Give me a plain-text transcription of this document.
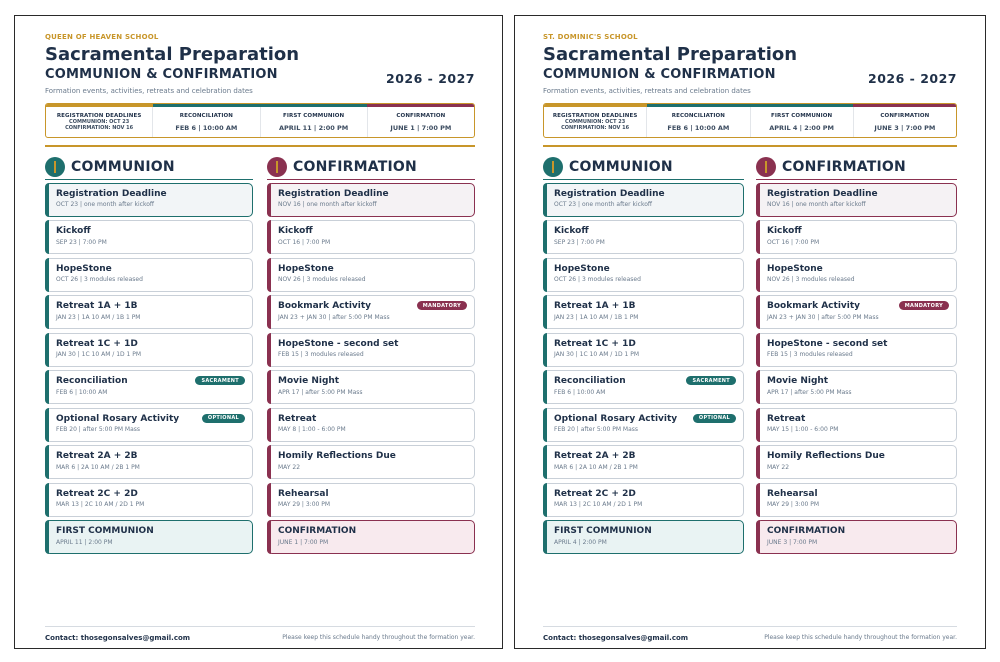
QUEEN OF HEAVEN SCHOOL
Sacramental Preparation
COMMUNION & CONFIRMATION	2026 - 2027
Formation events, activities, retreats and celebration dates
REGISTRATION DEADLINES
COMMUNION: OCT 23
CONFIRMATION: NOV 16
RECONCILIATION
FEB 6 | 10:00 AM
FIRST COMMUNION
APRIL 11 | 2:00 PM
CONFIRMATION
JUNE 1 | 7:00 PM
COMMUNION
Registration Deadline
OCT 23 | one month after kickoff
Kickoff
SEP 23 | 7:00 PM
HopeStone
OCT 26 | 3 modules released
Retreat 1A + 1B
JAN 23 | 1A 10 AM / 1B 1 PM
Retreat 1C + 1D
JAN 30 | 1C 10 AM / 1D 1 PM
Reconciliation
FEB 6 | 10:00 AM
SACRAMENT
Optional Rosary Activity
FEB 20 | after 5:00 PM Mass
OPTIONAL
Retreat 2A + 2B
MAR 6 | 2A 10 AM / 2B 1 PM
Retreat 2C + 2D
MAR 13 | 2C 10 AM / 2D 1 PM
FIRST COMMUNION
APRIL 11 | 2:00 PM
CONFIRMATION
Registration Deadline
NOV 16 | one month after kickoff
Kickoff
OCT 16 | 7:00 PM
HopeStone
NOV 26 | 3 modules released
Bookmark Activity
JAN 23 + JAN 30 | after 5:00 PM Mass
MANDATORY
HopeStone - second set
FEB 15 | 3 modules released
Movie Night
APR 17 | after 5:00 PM Mass
Retreat
MAY 8 | 1:00 - 6:00 PM
Homily Reflections Due
MAY 22
Rehearsal
MAY 29 | 3:00 PM
CONFIRMATION
JUNE 1 | 7:00 PM
Contact: thosegonsalves@gmail.com	Please keep this schedule handy throughout the formation year.
ST. DOMINIC'S SCHOOL
Sacramental Preparation
COMMUNION & CONFIRMATION	2026 - 2027
Formation events, activities, retreats and celebration dates
REGISTRATION DEADLINES
COMMUNION: OCT 23
CONFIRMATION: NOV 16
RECONCILIATION
FEB 6 | 10:00 AM
FIRST COMMUNION
APRIL 4 | 2:00 PM
CONFIRMATION
JUNE 3 | 7:00 PM
COMMUNION
Registration Deadline
OCT 23 | one month after kickoff
Kickoff
SEP 23 | 7:00 PM
HopeStone
OCT 26 | 3 modules released
Retreat 1A + 1B
JAN 23 | 1A 10 AM / 1B 1 PM
Retreat 1C + 1D
JAN 30 | 1C 10 AM / 1D 1 PM
Reconciliation
FEB 6 | 10:00 AM
SACRAMENT
Optional Rosary Activity
FEB 20 | after 5:00 PM Mass
OPTIONAL
Retreat 2A + 2B
MAR 6 | 2A 10 AM / 2B 1 PM
Retreat 2C + 2D
MAR 13 | 2C 10 AM / 2D 1 PM
FIRST COMMUNION
APRIL 4 | 2:00 PM
CONFIRMATION
Registration Deadline
NOV 16 | one month after kickoff
Kickoff
OCT 16 | 7:00 PM
HopeStone
NOV 26 | 3 modules released
Bookmark Activity
JAN 23 + JAN 30 | after 5:00 PM Mass
MANDATORY
HopeStone - second set
FEB 15 | 3 modules released
Movie Night
APR 17 | after 5:00 PM Mass
Retreat
MAY 15 | 1:00 - 6:00 PM
Homily Reflections Due
MAY 22
Rehearsal
MAY 29 | 3:00 PM
CONFIRMATION
JUNE 3 | 7:00 PM
Contact: thosegonsalves@gmail.com	Please keep this schedule handy throughout the formation year.
